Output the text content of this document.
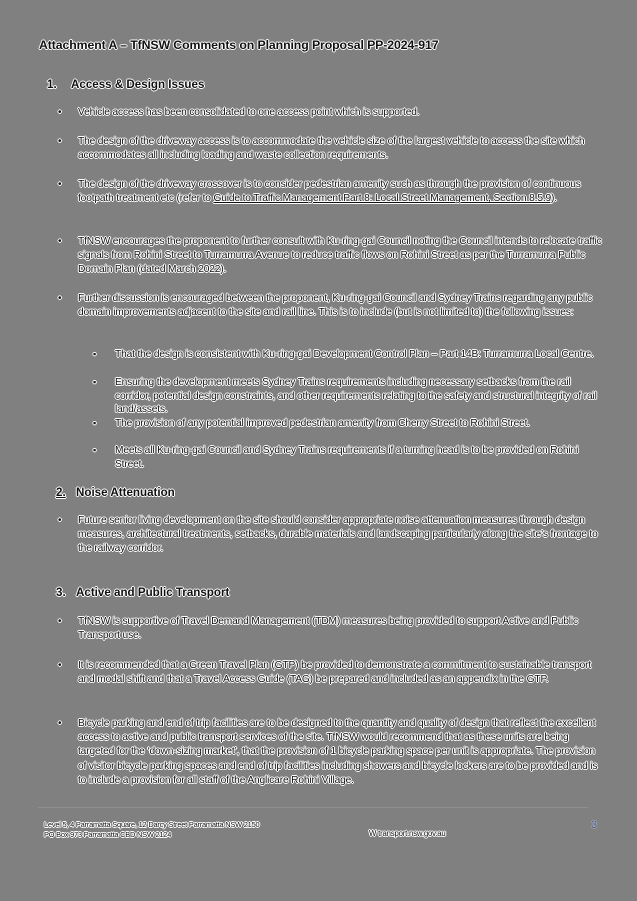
Attachment A – TfNSW Comments on Planning Proposal PP-2024-917
1. Access & Design Issues
•	Vehicle access has been consolidated to one access point which is supported.
•	The design of the driveway access is to accommodate the vehicle size of the largest vehicle to access the site which accommodates all including loading and waste collection requirements.
•	The design of the driveway crossover is to consider pedestrian amenity such as through the provision of continuous footpath treatment etc (refer to Guide to Traffic Management Part 8: Local Street Management, Section 8.5.9).
•	TfNSW encourages the proponent to further consult with Ku-ring-gai Council noting the Council intends to relocate traffic signals from Rohini Street to Turramurra Avenue to reduce traffic flows on Rohini Street as per the Turramurra Public Domain Plan (dated March 2022).
•	Further discussion is encouraged between the proponent, Ku-ring-gai Council and Sydney Trains regarding any public domain improvements adjacent to the site and rail line. This is to include (but is not limited to) the following issues:
▪	That the design is consistent with Ku-ring-gai Development Control Plan – Part 14B: Turramurra Local Centre.
▪	Ensuring the development meets Sydney Trains requirements including necessary setbacks from the rail corridor, potential design constraints, and other requirements relating to the safety and structural integrity of rail land/assets.
▪	The provision of any potential improved pedestrian amenity from Cherry Street to Rohini Street.
▪	Meets all Ku-ring-gai Council and Sydney Trains requirements if a turning head is to be provided on Rohini Street.
2. Noise Attenuation
•	Future senior living development on the site should consider appropriate noise attenuation measures through design measures, architectural treatments, setbacks, durable materials and landscaping particularly along the site’s frontage to the railway corridor.
3. Active and Public Transport
•	TfNSW is supportive of Travel Demand Management (TDM) measures being provided to support Active and Public Transport use.
•	It is recommended that a Green Travel Plan (GTP) be provided to demonstrate a commitment to sustainable transport and modal shift and that a Travel Access Guide (TAG) be prepared and included as an appendix in the GTP.
•	Bicycle parking and end of trip facilities are to be designed to the quantity and quality of design that reflect the excellent access to active and public transport services of the site. TfNSW would recommend that as these units are being targeted for the ‘down-sizing market’, that the provision of 1 bicycle parking space per unit is appropriate. The provision of visitor bicycle parking spaces and end of trip facilities including showers and bicycle lockers are to be provided and is to include a provision for all staff of the Anglicare Rohini Village.
Level 5, 4 Parramatta Square, 12 Darcy Street Parramatta NSW 2150
PO Box 973 Parramatta CBD NSW 2124	W transport.nsw.gov.au
3
